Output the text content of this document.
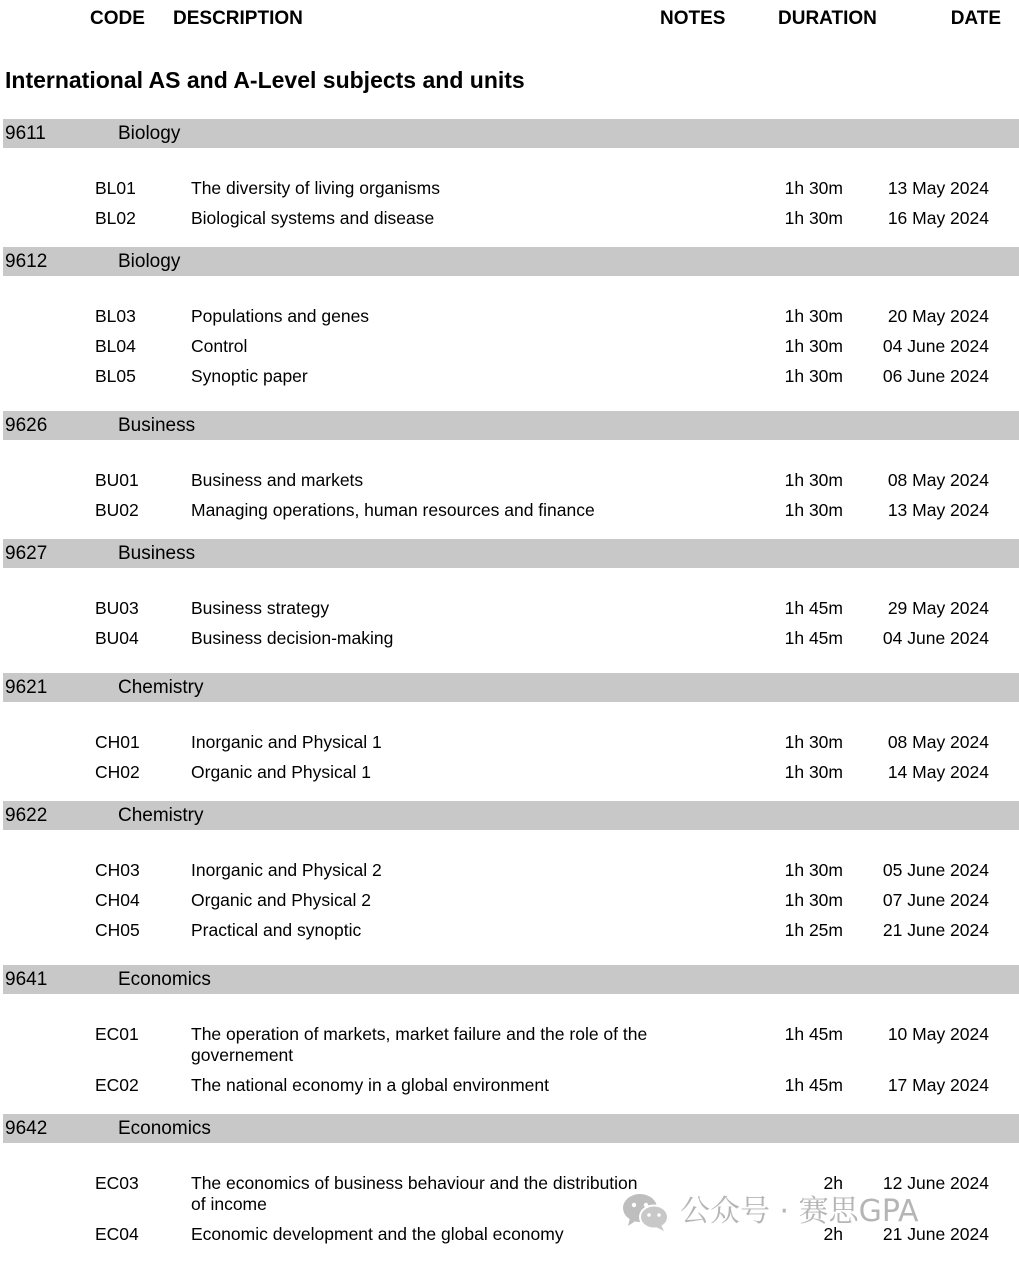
CODE DESCRIPTION	NOTES	DURATION	DATE
International AS and A-Level subjects and units
9611	Biology
BL01	The diversity of living organisms	1h 30m	13 May 2024
BL02	Biological systems and disease	1h 30m	16 May 2024
9612	Biology
BL03	Populations and genes	1h 30m	20 May 2024
BL04	Control	1h 30m 04 June 2024
BL05	Synoptic paper	1h 30m 06 June 2024
9626	Business
BU01	Business and markets	1h 30m	08 May 2024
BU02	Managing operations, human resources and finance	1h 30m	13 May 2024
9627	Business
BU03	Business strategy	1h 45m	29 May 2024
BU04	Business decision-making	1h 45m 04 June 2024
9621	Chemistry
CH01	Inorganic and Physical 1	1h 30m	08 May 2024
CH02	Organic and Physical 1	1h 30m	14 May 2024
9622	Chemistry
CH03	Inorganic and Physical 2	1h 30m 05 June 2024
CH04	Organic and Physical 2	1h 30m 07 June 2024
CH05	Practical and synoptic	1h 25m 21 June 2024
9641	Economics
EC01	The operation of markets, market failure and the role of the governement
1h 45m	10 May 2024
EC02	The national economy in a global environment	1h 45m	17 May 2024
9642	Economics
EC03	The economics of business behaviour and the distribution of income
2h 12 June 2024
EC04	Economic development and the global economy	2h 21 June 2024
公众号 · 赛思GPA
